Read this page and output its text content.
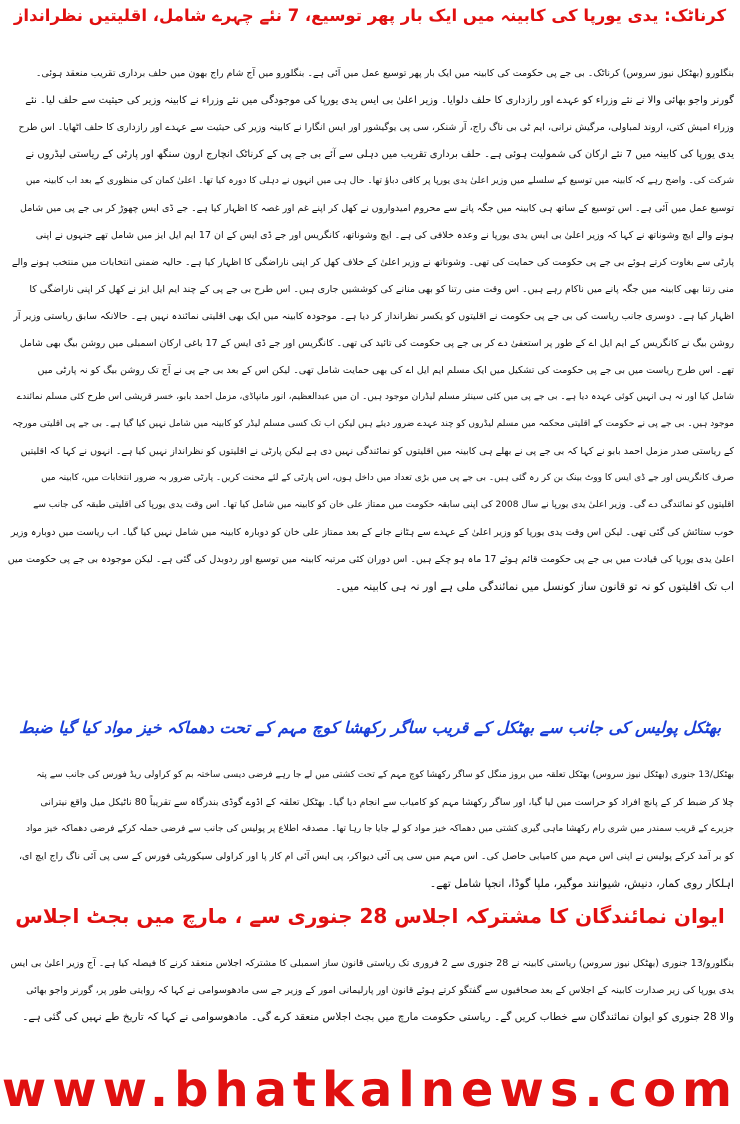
کرناٹک: یدی یورپا کی کابینہ میں ایک بار پھر توسیع، 7 نئے چہرے شامل، اقلیتیں نظرانداز
بنگلورو (بھٹکل نیوز سروس) کرناٹک۔ بی جے پی حکومت کی کابینہ میں ایک بار پھر توسیع عمل میں آئی ہے۔ بنگلورو میں آج شام راج بھون میں حلف برداری تقریب منعقد ہوئی۔
گورنر واجو بھائی والا نے نئے وزراء کو عہدے اور رازداری کا حلف دلوایا۔ وزیر اعلیٰ بی ایس یدی یورپا کی موجودگی میں نئے وزراء نے کابینہ وزیر کی حیثیت سے حلف لیا۔ نئے
وزراء امیش کتی، اروند لمباولی، مرگیش نرانی، ایم ٹی بی ناگ راج، آر شنکر، سی پی یوگیشور اور ایس انگارا نے کابینہ وزیر کی حیثیت سے عہدے اور رازداری کا حلف اٹھایا۔ اس طرح
یدی یورپا کی کابینہ میں 7 نئے ارکان کی شمولیت ہوئی ہے۔ حلف برداری تقریب میں دہلی سے آئے بی جے پی کے کرناٹک انچارج ارون سنگھ اور پارٹی کے ریاستی لیڈروں نے
شرکت کی۔ واضح رہے کہ کابینہ میں توسیع کے سلسلے میں وزیر اعلیٰ یدی یورپا پر کافی دباؤ تھا۔ حال ہی میں انہوں نے دہلی کا دورہ کیا تھا۔ اعلیٰ کمان کی منظوری کے بعد اب کابینہ میں
توسیع عمل میں آئی ہے۔ اس توسیع کے ساتھ ہی کابینہ میں جگہ پانے سے محروم امیدواروں نے کھل کر اپنے غم اور غصہ کا اظہار کیا ہے۔ جے ڈی ایس چھوڑ کر بی جے پی میں شامل
ہونے والے ایچ وشوناتھ نے کہا کہ وزیر اعلیٰ بی ایس یدی یورپا نے وعدہ خلافی کی ہے۔ ایچ وشوناتھ، کانگریس اور جے ڈی ایس کے ان 17 ایم ایل ایز میں شامل تھے جنہوں نے اپنی
پارٹی سے بغاوت کرتے ہوئے بی جے پی حکومت کی حمایت کی تھی۔ وشوناتھ نے وزیر اعلیٰ کے خلاف کھل کر اپنی ناراضگی کا اظہار کیا ہے۔ حالیہ ضمنی انتخابات میں منتخب ہونے والے
منی رتنا بھی کابینہ میں جگہ پانے میں ناکام رہے ہیں۔ اس وقت منی رتنا کو بھی منانے کی کوششیں جاری ہیں۔ اس طرح بی جے پی کے چند ایم ایل ایز نے کھل کر اپنی ناراضگی کا
اظہار کیا ہے۔ دوسری جانب ریاست کی بی جے پی حکومت نے اقلیتوں کو یکسر نظرانداز کر دیا ہے۔ موجودہ کابینہ میں ایک بھی اقلیتی نمائندہ نہیں ہے۔ حالانکہ سابق ریاستی وزیر آر
روشن بیگ نے کانگریس کے ایم ایل اے کے طور پر استعفیٰ دے کر بی جے پی حکومت کی تائید کی تھی۔ کانگریس اور جے ڈی ایس کے 17 باغی ارکان اسمبلی میں روشن بیگ بھی شامل
تھے۔ اس طرح ریاست میں بی جے پی حکومت کی تشکیل میں ایک مسلم ایم ایل اے کی بھی حمایت شامل تھی۔ لیکن اس کے بعد بی جے پی نے آج تک روشن بیگ کو نہ پارٹی میں
شامل کیا اور نہ ہی انہیں کوئی عہدہ دیا ہے۔ بی جے پی میں کئی سینئر مسلم لیڈران موجود ہیں۔ ان میں عبدالعظیم، انور مانپاڈی، مزمل احمد بابو، خسر قریشی اس طرح کئی مسلم نمائندے
موجود ہیں۔ بی جے پی نے حکومت کے اقلیتی محکمہ میں مسلم لیڈروں کو چند عہدے ضرور دیئے ہیں لیکن اب تک کسی مسلم لیڈر کو کابینہ میں شامل نہیں کیا گیا ہے۔ بی جے پی اقلیتی مورچہ
کے ریاستی صدر مزمل احمد بابو نے کہا کہ بی جے پی نے بھلے ہی کابینہ میں اقلیتوں کو نمائندگی نہیں دی ہے لیکن پارٹی نے اقلیتوں کو نظرانداز نہیں کیا ہے۔ انہوں نے کہا کہ اقلیتیں
صرف کانگریس اور جے ڈی ایس کا ووٹ بینک بن کر رہ گئی ہیں۔ بی جے پی میں بڑی تعداد میں داخل ہوں، اس پارٹی کے لئے محنت کریں۔ پارٹی ضرور بہ ضرور انتخابات میں، کابینہ میں
اقلیتوں کو نمائندگی دے گی۔ وزیر اعلیٰ یدی یورپا نے سال 2008 کی اپنی سابقہ حکومت میں ممتاز علی خان کو کابینہ میں شامل کیا تھا۔ اس وقت یدی یورپا کی اقلیتی طبقہ کی جانب سے
خوب ستائش کی گئی تھی۔ لیکن اس وقت یدی یورپا کو وزیر اعلیٰ کے عہدے سے ہٹانے جانے کے بعد ممتاز علی خان کو دوبارہ کابینہ میں شامل نہیں کیا گیا۔ اب ریاست میں دوبارہ وزیر
اعلیٰ یدی یورپا کی قیادت میں بی جے پی حکومت قائم ہوئے 17 ماہ ہو چکے ہیں۔ اس دوران کئی مرتبہ کابینہ میں توسیع اور ردوبدل کی گئی ہے۔ لیکن موجودہ بی جے پی حکومت میں
اب تک اقلیتوں کو نہ تو قانون ساز کونسل میں نمائندگی ملی ہے اور نہ ہی کابینہ میں۔
بھٹکل پولیس کی جانب سے بھٹکل کے قریب ساگر رکھشا کوچ مہم کے تحت دھماکہ خیز مواد کیا گیا ضبط
بھٹکل/13 جنوری (بھٹکل نیوز سروس) بھٹکل تعلقہ میں بروز منگل کو ساگر رکھشا کوچ مہم کے تحت کشتی میں لے جا رہے فرضی دیسی ساختہ بم کو کراولی ریڈ فورس کی جانب سے پتہ
چلا کر ضبط کر کے پانچ افراد کو حراست میں لیا گیا، اور ساگر رکھشا مہم کو کامیاب سے انجام دیا گیا۔ بھٹکل تعلقہ کے اڈوے گوڈی بندرگاہ سے تقریباً 80 ناٹیکل میل واقع نیترانی
جزیرے کے قریب سمندر میں شری رام رکھشا ماہی گیری کشتی میں دھماکہ خیز مواد کو لے جایا جا رہا تھا۔ مصدقہ اطلاع پر پولیس کی جانب سے فرضی حملہ کرکے فرضی دھماکہ خیز مواد
کو بر آمد کرکے پولیس نے اپنی اس مہم میں کامیابی حاصل کی۔ اس مہم میں سی پی آئی دیواکر، پی ایس آئی ام کار پا اور کراولی سیکوریٹی فورس کے سی پی آئی ناگ راج ایچ ای،
اہلکار روی کمار، دنیش، شیوانند موگیر، ملپا گوڈا، انجپا شامل تھے۔
ایوان نمائندگان کا مشترکہ اجلاس 28 جنوری سے ، مارچ میں بجٹ اجلاس
بنگلورو/13 جنوری (بھٹکل نیوز سروس) ریاستی کابینہ نے 28 جنوری سے 2 فروری تک ریاستی قانون ساز اسمبلی کا مشترکہ اجلاس منعقد کرنے کا فیصلہ کیا ہے۔ آج وزیر اعلیٰ بی ایس
یدی یورپا کی زیر صدارت کابینہ کے اجلاس کے بعد صحافیوں سے گفتگو کرتے ہوئے قانون اور پارلیمانی امور کے وزیر جے سی مادھوسوامی نے کہا کہ روایتی طور پر، گورنر واجو بھائی
والا 28 جنوری کو ایوان نمائندگان سے خطاب کریں گے۔ ریاستی حکومت مارچ میں بجٹ اجلاس منعقد کرے گی۔ مادھوسوامی نے کہا کہ تاریخ طے نہیں کی گئی ہے۔
www.bhatkalnews.com
